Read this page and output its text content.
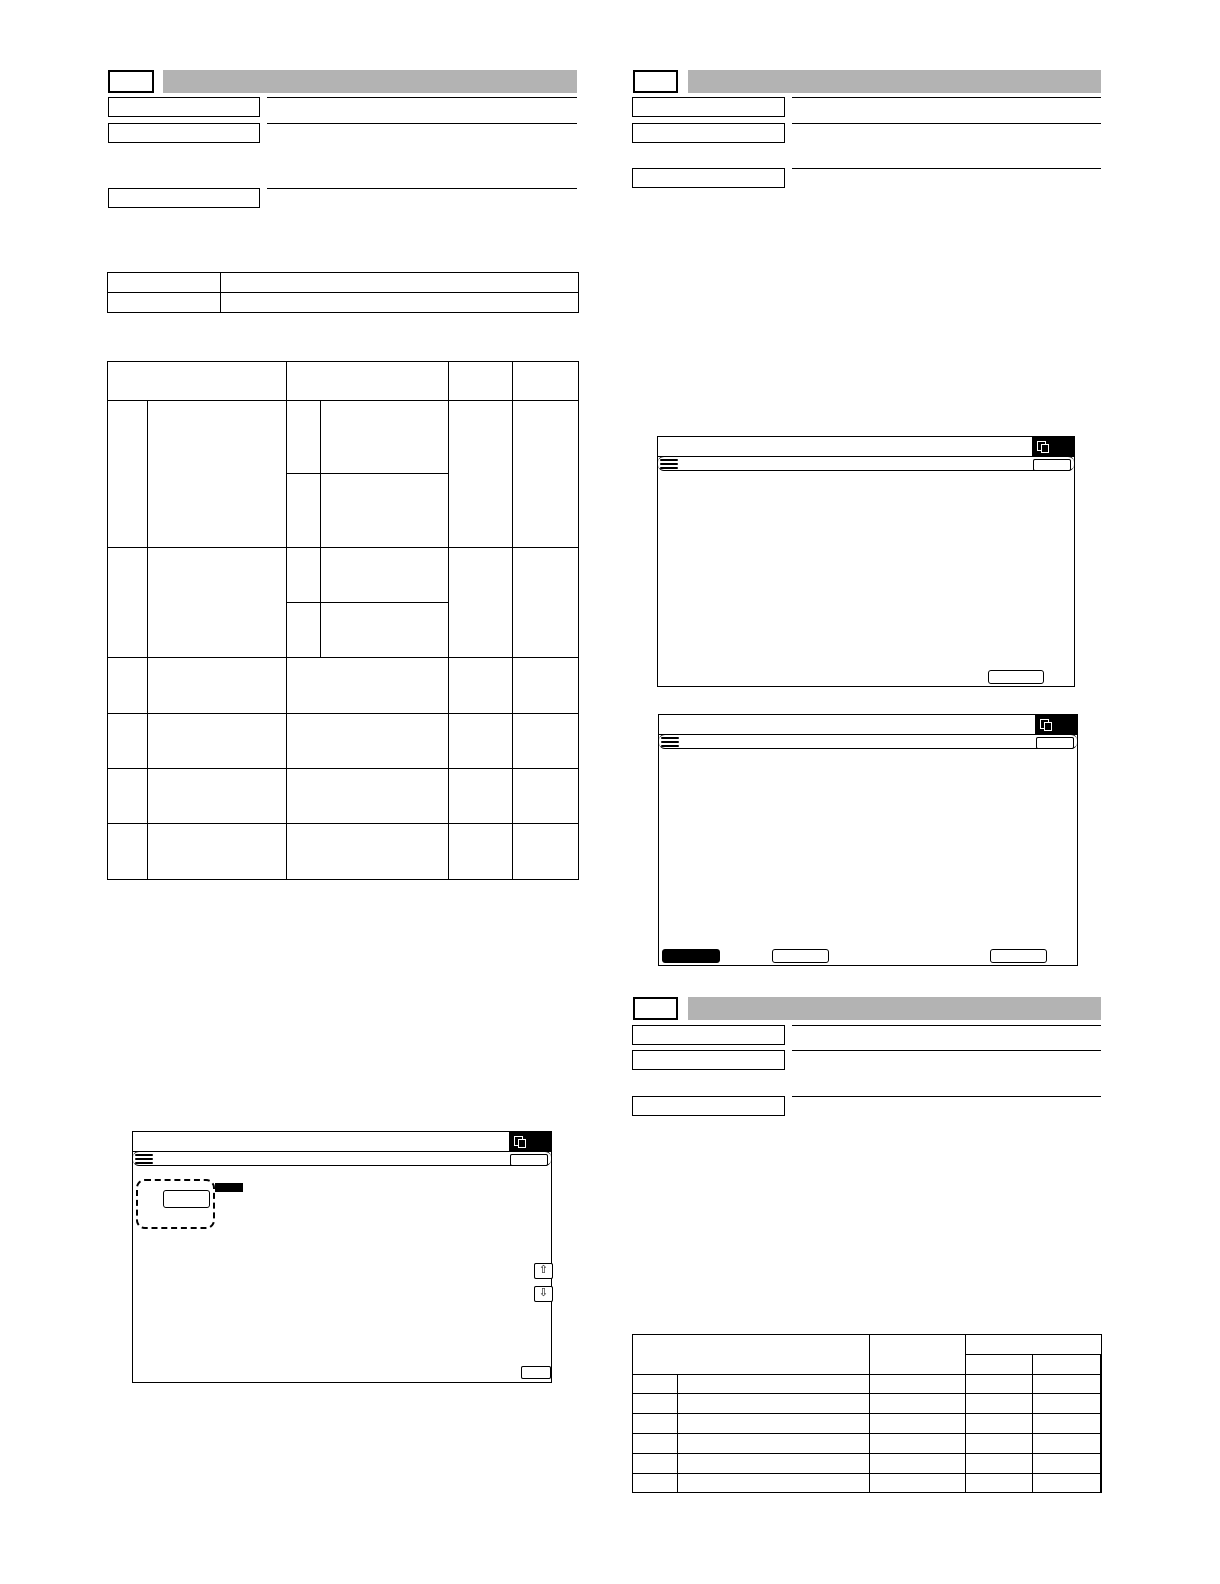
⇧
⇩
